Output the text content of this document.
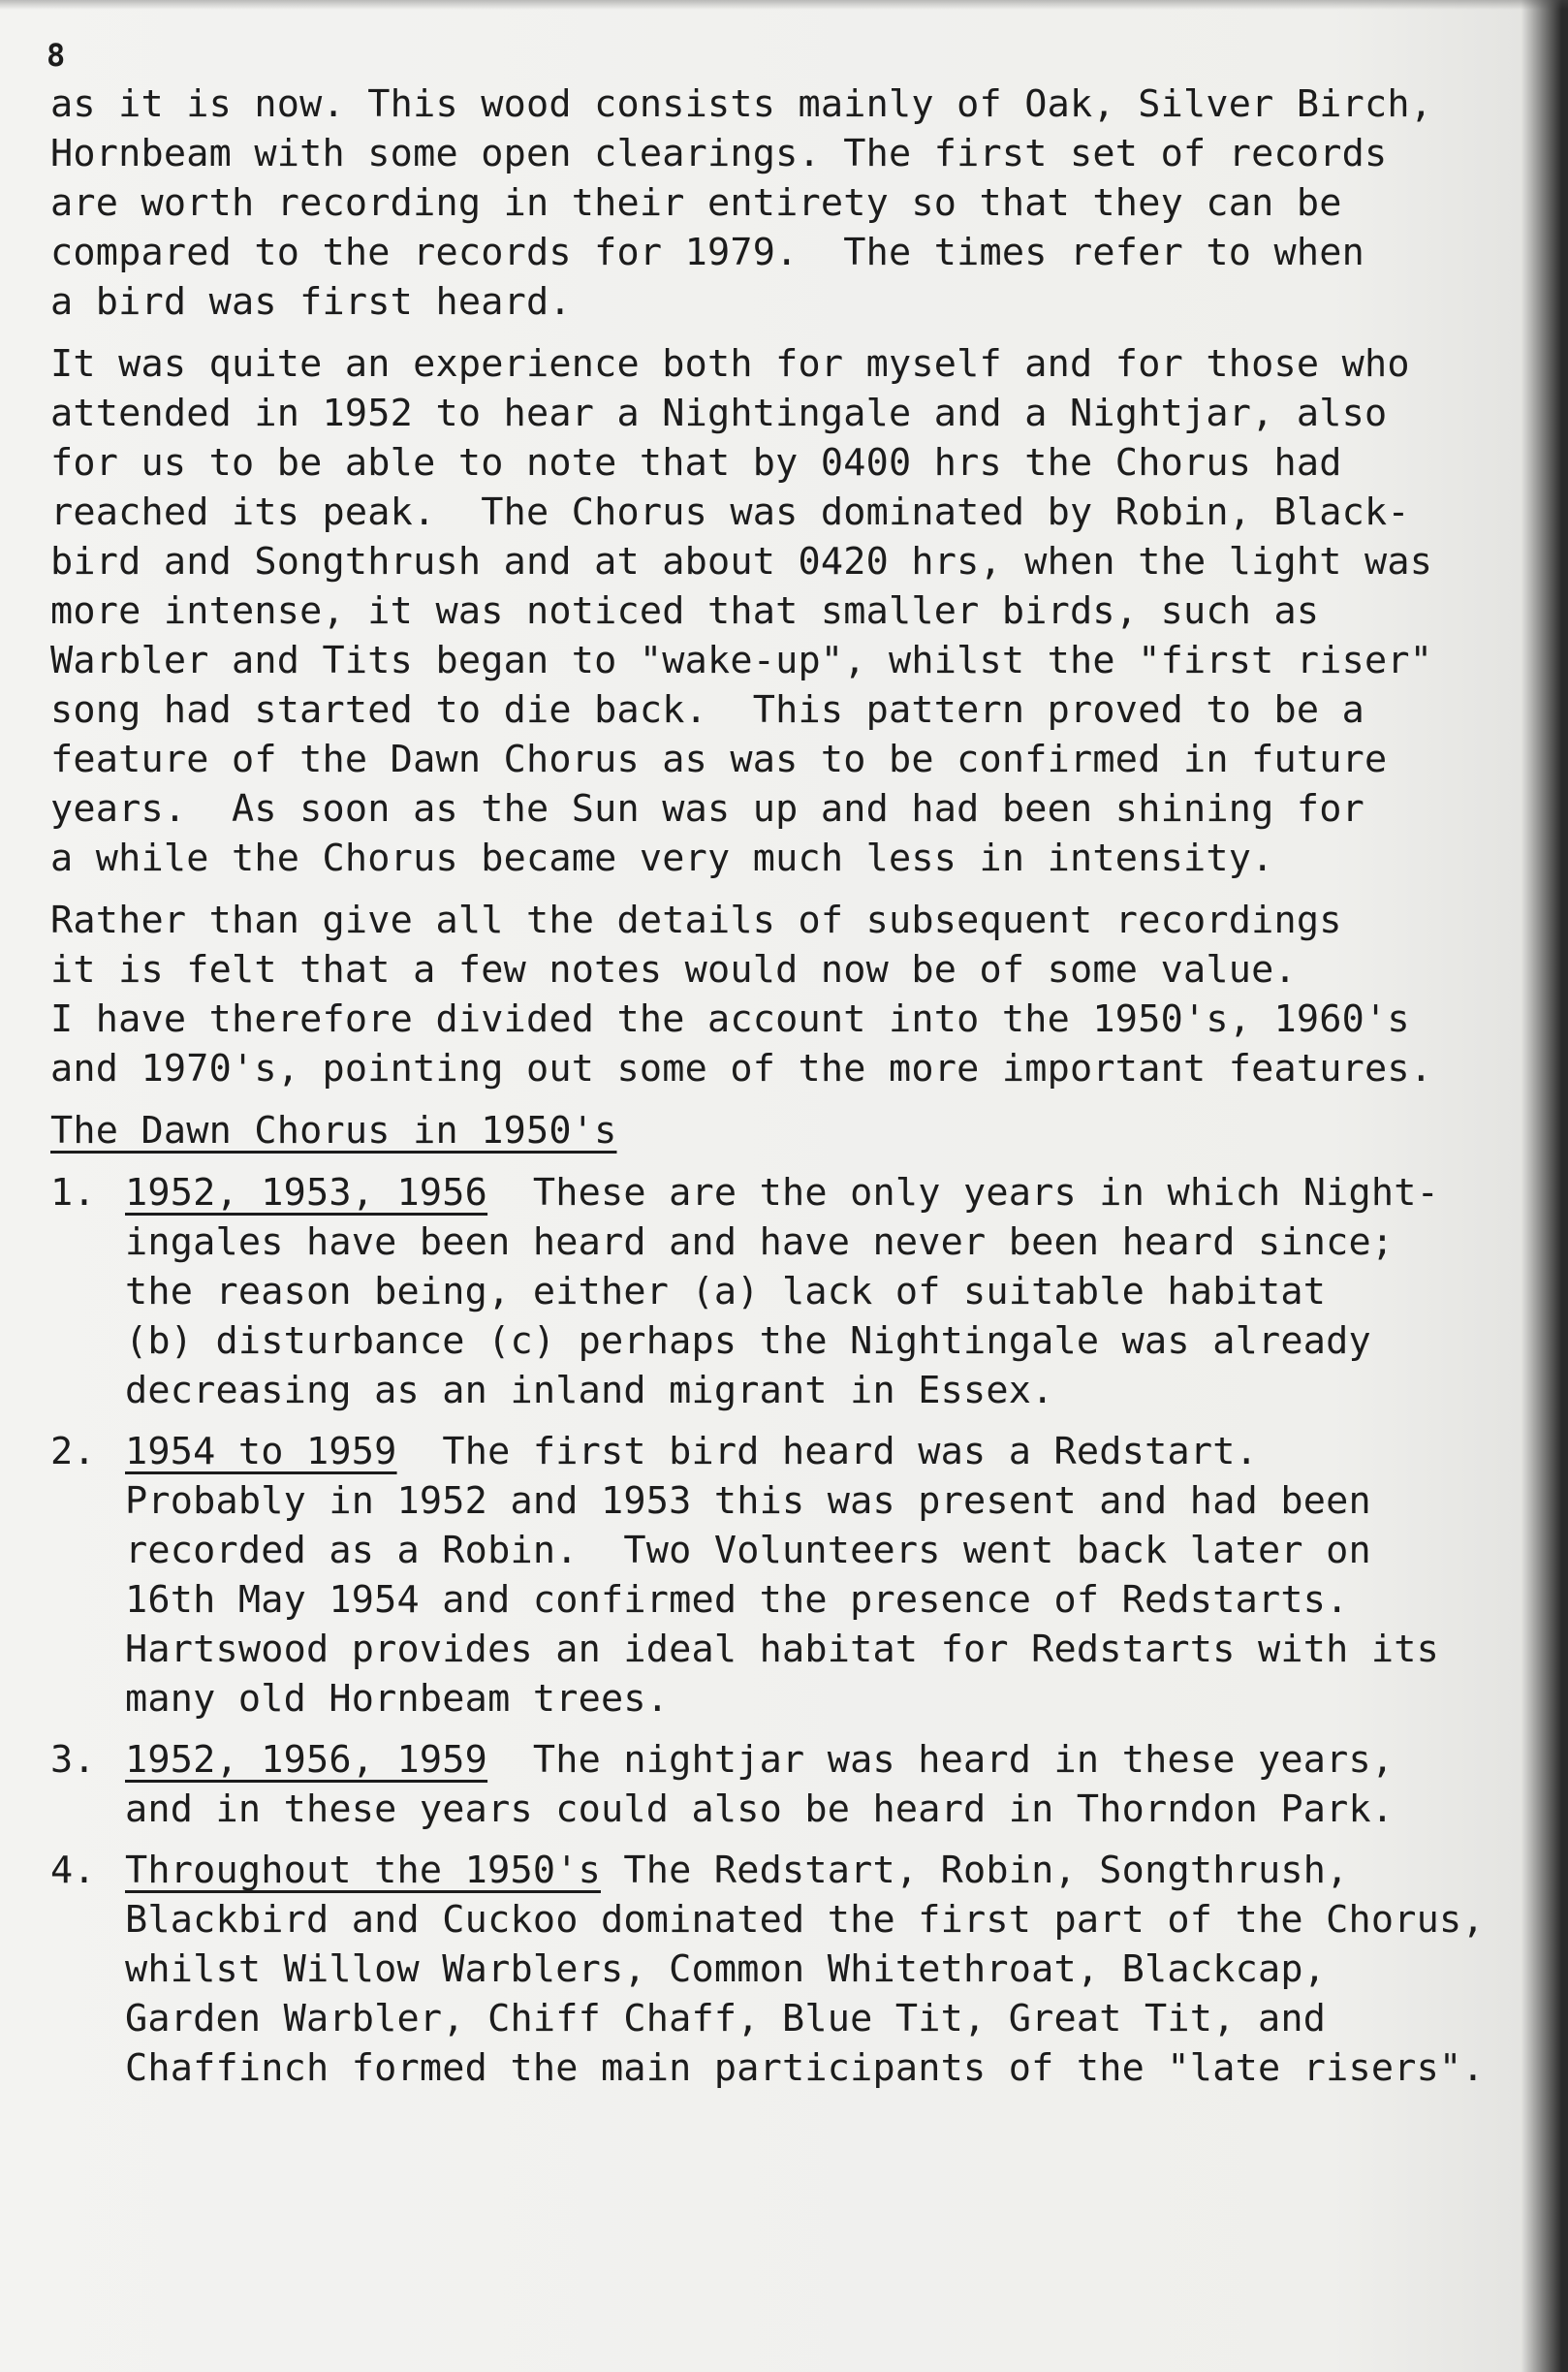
8
as it is now. This wood consists mainly of Oak, Silver Birch,
Hornbeam with some open clearings. The first set of records
are worth recording in their entirety so that they can be
compared to the records for 1979.  The times refer to when
a bird was first heard.
It was quite an experience both for myself and for those who
attended in 1952 to hear a Nightingale and a Nightjar, also
for us to be able to note that by 0400 hrs the Chorus had
reached its peak.  The Chorus was dominated by Robin, Black-
bird and Songthrush and at about 0420 hrs, when the light was
more intense, it was noticed that smaller birds, such as
Warbler and Tits began to "wake-up", whilst the "first riser"
song had started to die back.  This pattern proved to be a
feature of the Dawn Chorus as was to be confirmed in future
years.  As soon as the Sun was up and had been shining for
a while the Chorus became very much less in intensity.
Rather than give all the details of subsequent recordings
it is felt that a few notes would now be of some value.
I have therefore divided the account into the 1950's, 1960's
and 1970's, pointing out some of the more important features.
The Dawn Chorus in 1950's
1. 1952, 1953, 1956  These are the only years in which Night-
ingales have been heard and have never been heard since;
the reason being, either (a) lack of suitable habitat
(b) disturbance (c) perhaps the Nightingale was already
decreasing as an inland migrant in Essex.
2. 1954 to 1959  The first bird heard was a Redstart.
Probably in 1952 and 1953 this was present and had been
recorded as a Robin.  Two Volunteers went back later on
16th May 1954 and confirmed the presence of Redstarts.
Hartswood provides an ideal habitat for Redstarts with its
many old Hornbeam trees.
3. 1952, 1956, 1959  The nightjar was heard in these years,
and in these years could also be heard in Thorndon Park.
4. Throughout the 1950's The Redstart, Robin, Songthrush,
Blackbird and Cuckoo dominated the first part of the Chorus,
whilst Willow Warblers, Common Whitethroat, Blackcap,
Garden Warbler, Chiff Chaff, Blue Tit, Great Tit, and
Chaffinch formed the main participants of the "late risers".
